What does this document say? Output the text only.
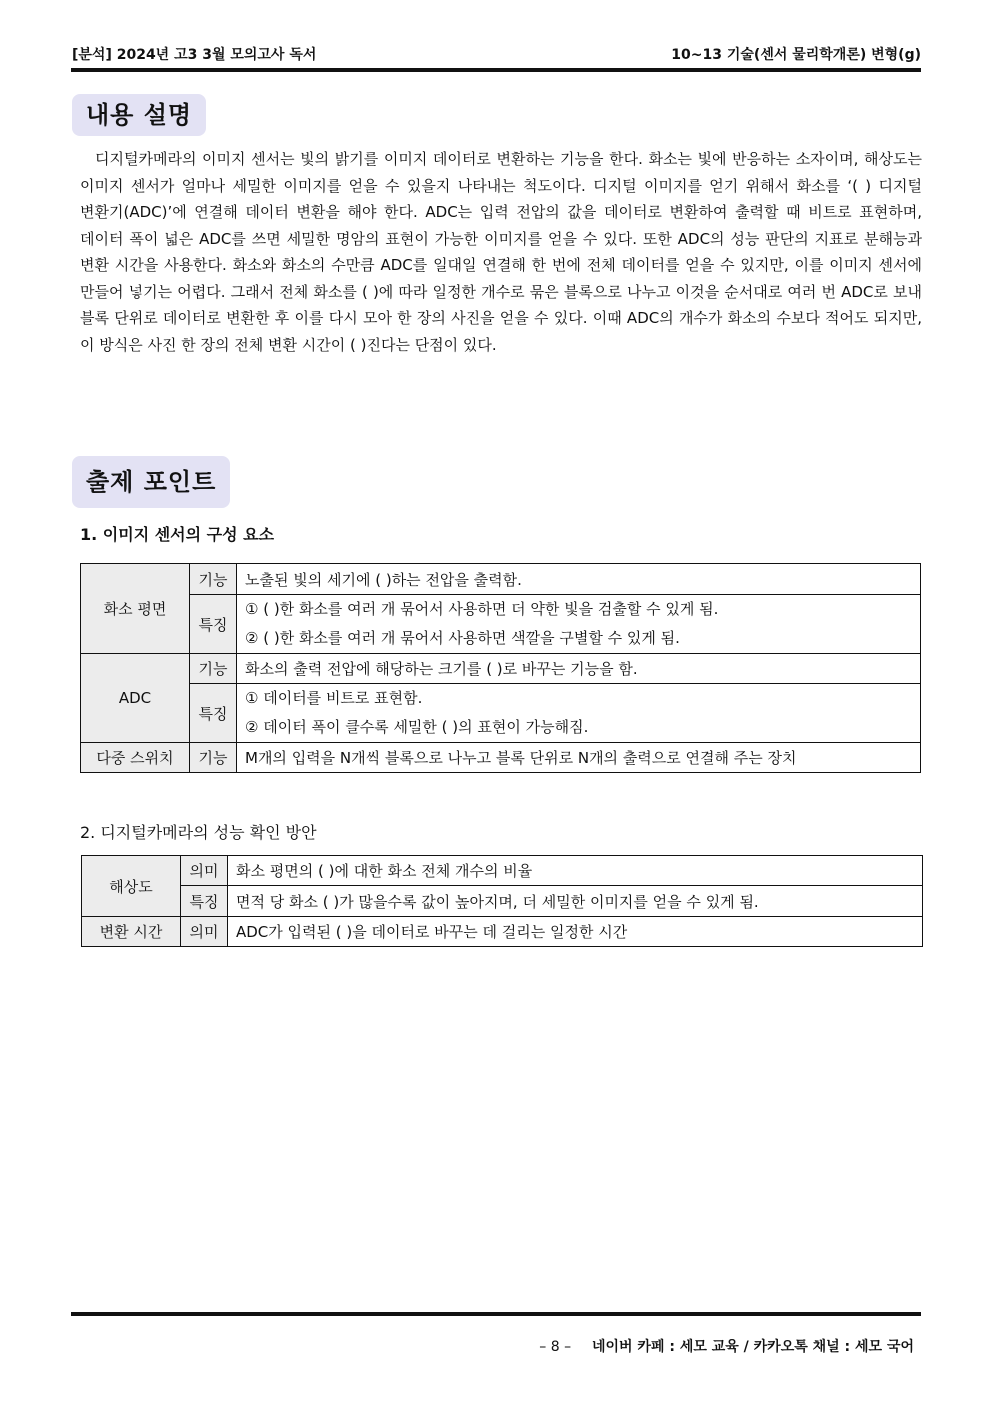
[분석] 2024년 고3 3월 모의고사 독서	10~13 기술(센서 물리학개론) 변형(g)
내용 설명
디지털카메라의 이미지 센서는 빛의 밝기를 이미지 데이터로 변환하는 기능을 한다. 화소는 빛에 반응하는 소자이며, 해상도는 이미지 센서가 얼마나 세밀한 이미지를 얻을 수 있을지 나타내는 척도이다. 디지털 이미지를 얻기 위해서 화소를 ‘( ) 디지털 변환기(ADC)’에 연결해 데이터 변환을 해야 한다. ADC는 입력 전압의 값을 데이터로 변환하여 출력할 때 비트로 표현하며, 데이터 폭이 넓은 ADC를 쓰면 세밀한 명암의 표현이 가능한 이미지를 얻을 수 있다. 또한 ADC의 성능 판단의 지표로 분해능과 변환 시간을 사용한다. 화소와 화소의 수만큼 ADC를 일대일 연결해 한 번에 전체 데이터를 얻을 수 있지만, 이를 이미지 센서에 만들어 넣기는 어렵다. 그래서 전체 화소를 ( )에 따라 일정한 개수로 묶은 블록으로 나누고 이것을 순서대로 여러 번 ADC로 보내 블록 단위로 데이터로 변환한 후 이를 다시 모아 한 장의 사진을 얻을 수 있다. 이때 ADC의 개수가 화소의 수보다 적어도 되지만, 이 방식은 사진 한 장의 전체 변환 시간이 ( )진다는 단점이 있다.
출제 포인트
1. 이미지 센서의 구성 요소
화소 평면	기능	노출된 빛의 세기에 ( )하는 전압을 출력함.
	특징	① ( )한 화소를 여러 개 묶어서 사용하면 더 약한 빛을 검출할 수 있게 됨.
② ( )한 화소를 여러 개 묶어서 사용하면 색깔을 구별할 수 있게 됨.

ADC	기능	화소의 출력 전압에 해당하는 크기를 ( )로 바꾸는 기능을 함.
	특징	① 데이터를 비트로 표현함.
② 데이터 폭이 클수록 세밀한 ( )의 표현이 가능해짐.

다중 스위치	기능	M개의 입력을 N개씩 블록으로 나누고 블록 단위로 N개의 출력으로 연결해 주는 장치
2. 디지털카메라의 성능 확인 방안
해상도	의미	화소 평면의 ( )에 대한 화소 전체 개수의 비율
	특징	면적 당 화소 ( )가 많을수록 값이 높아지며, 더 세밀한 이미지를 얻을 수 있게 됨.
변환 시간	의미	ADC가 입력된 ( )을 데이터로 바꾸는 데 걸리는 일정한 시간
– 8 – 네이버 카페 : 세모 교육 / 카카오톡 채널 : 세모 국어
